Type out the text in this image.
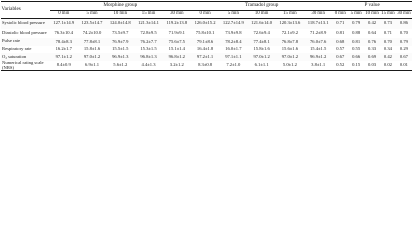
Variables	Morphine group					Tramadol group					P value				
	0 min	5 min	10 min	15 min	30 min	0 min	5 min	10 min	15 min	30 min	0 min	5 min	10 min	15 min	30 min
Systolic blood pressure	127.1±14.9	123.5±14.7	124.0±14.8	121.3±14.1	119.2±13.8	126.0±15.2	122.7±14.9	121.6±14.0	120.3±13.6	118.7±13.1	0.71	0.79	0.42	0.73	0.86
Diastolic blood pressure	76.3±10.4	74.2±10.0	73.5±9.7	72.8±9.5	71.9±9.1	75.8±10.1	73.9±9.8	72.6±9.4	72.1±9.2	71.2±8.9	0.81	0.88	0.64	0.71	0.70
Pulse rate	78.4±8.3	77.8±8.1	76.9±7.9	76.2±7.7	75.6±7.5	79.1±8.6	78.2±8.4	77.4±8.1	76.8±7.8	76.0±7.6	0.68	0.81	0.76	0.70	0.79
Respiratory rate	16.2±1.7	15.8±1.6	15.5±1.5	15.3±1.5	15.1±1.4	16.4±1.8	16.0±1.7	15.8±1.6	15.6±1.6	15.4±1.5	0.57	0.55	0.33	0.34	0.29
O₂ saturation	97.1±1.2	97.0±1.2	96.9±1.3	96.8±1.3	96.8±1.2	97.2±1.1	97.1±1.1	97.0±1.2	97.0±1.2	96.9±1.2	0.67	0.66	0.69	0.42	0.67
Numerical rating scale (NRS)	8.4±0.9	6.9±1.1	5.6±1.2	4.4±1.3	3.2±1.2	8.3±0.8	7.2±1.0	6.1±1.1	5.0±1.2	3.8±1.1	0.52	0.15	0.03	0.02	0.01
